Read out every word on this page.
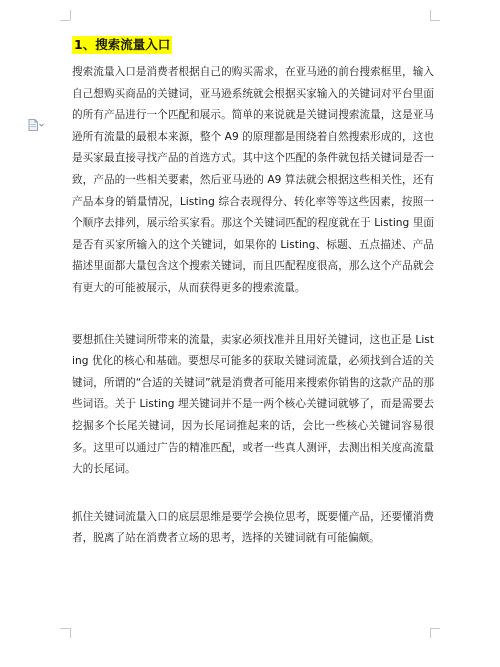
1、搜索流量入口

搜索流量入口是消费者根据自己的购买需求，在亚马逊的前台搜索框里，输入自己想购买商品的关键词，亚马逊系统就会根据买家输入的关键词对平台里面的所有产品进行一个匹配和展示。简单的来说就是关键词搜索流量，这是亚马逊所有流量的最根本来源，整个 A9 的原理都是围绕着自然搜索形成的，这也是买家最直接寻找产品的首选方式。其中这个匹配的条件就包括关键词是否一致，产品的一些相关要素，然后亚马逊的 A9 算法就会根据这些相关性，还有产品本身的销量情况，Listing 综合表现得分、转化率等等这些因素，按照一个顺序去排列，展示给买家看。那这个关键词匹配的程度就在于 Listing 里面是否有买家所输入的这个关键词，如果你的 Listing、标题、五点描述、产品描述里面都大量包含这个搜索关键词，而且匹配程度很高，那么这个产品就会有更大的可能被展示，从而获得更多的搜索流量。

要想抓住关键词所带来的流量，卖家必须找准并且用好关键词，这也正是 Listing 优化的核心和基础。要想尽可能多的获取关键词流量，必须找到合适的关键词，所谓的“合适的关键词”就是消费者可能用来搜索你销售的这款产品的那些词语。关于 Listing 埋关键词并不是一两个核心关键词就够了，而是需要去挖掘多个长尾关键词，因为长尾词推起来的话，会比一些核心关键词容易很多。这里可以通过广告的精准匹配，或者一些真人测评，去测出相关度高流量大的长尾词。

抓住关键词流量入口的底层思维是要学会换位思考，既要懂产品，还要懂消费者，脱离了站在消费者立场的思考，选择的关键词就有可能偏颇。
